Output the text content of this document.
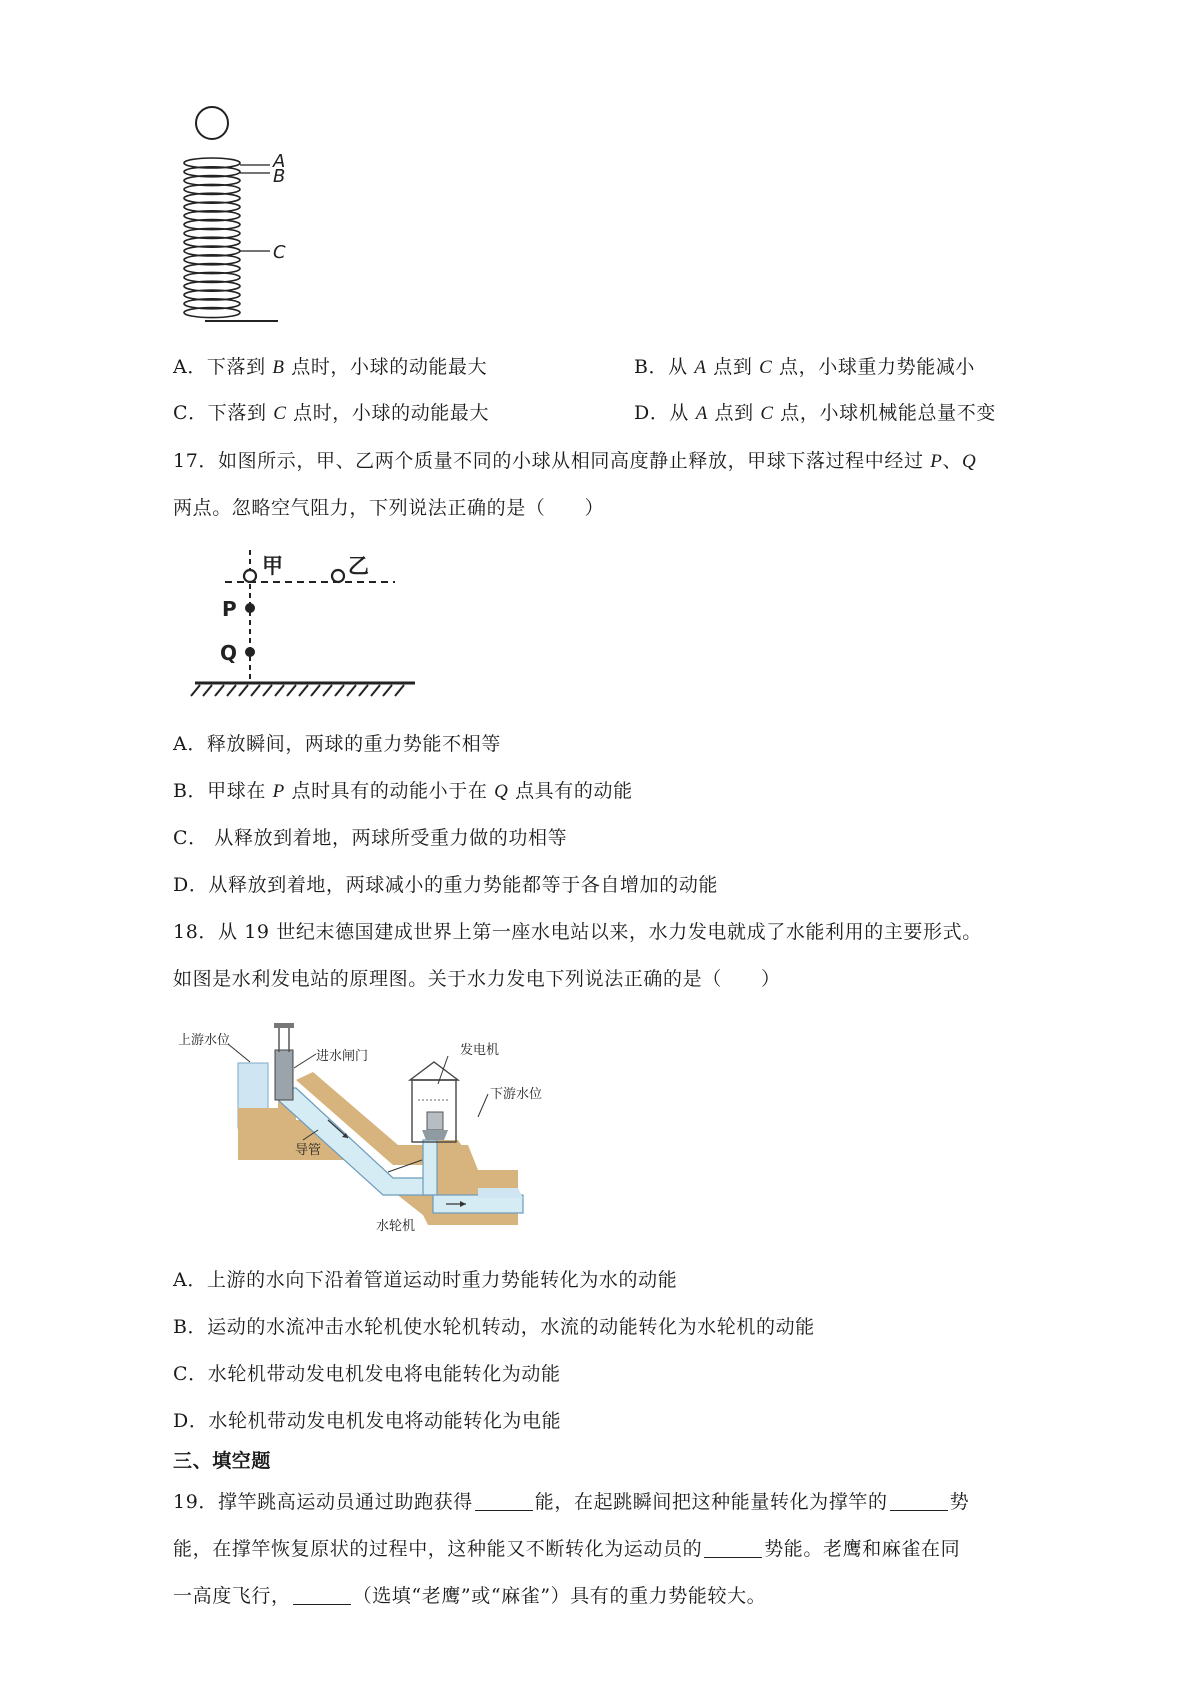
A
B
C
A．下落到 B 点时，小球的动能最大	B．从 A 点到 C 点，小球重力势能减小
C．下落到 C 点时，小球的动能最大	D．从 A 点到 C 点，小球机械能总量不变
17．如图所示，甲、乙两个质量不同的小球从相同高度静止释放，甲球下落过程中经过 P、Q
两点。忽略空气阻力，下列说法正确的是（　　）
甲	乙
P
Q
A．释放瞬间，两球的重力势能不相等
B．甲球在 P 点时具有的动能小于在 Q 点具有的动能
C． 从释放到着地，两球所受重力做的功相等
D．从释放到着地，两球减小的重力势能都等于各自增加的动能
18．从 19 世纪末德国建成世界上第一座水电站以来，水力发电就成了水能利用的主要形式。
如图是水利发电站的原理图。关于水力发电下列说法正确的是（　　）
上游水位
进水闸门	发电机
导管
下游水位
水轮机
A．上游的水向下沿着管道运动时重力势能转化为水的动能
B．运动的水流冲击水轮机使水轮机转动，水流的动能转化为水轮机的动能
C．水轮机带动发电机发电将电能转化为动能
D．水轮机带动发电机发电将动能转化为电能
三、填空题
19．撑竿跳高运动员通过助跑获得	能，在起跳瞬间把这种能量转化为撑竿的	势
能，在撑竿恢复原状的过程中，这种能又不断转化为运动员的	势能。老鹰和麻雀在同
一高度飞行，	（选填“老鹰”或“麻雀”）具有的重力势能较大。
